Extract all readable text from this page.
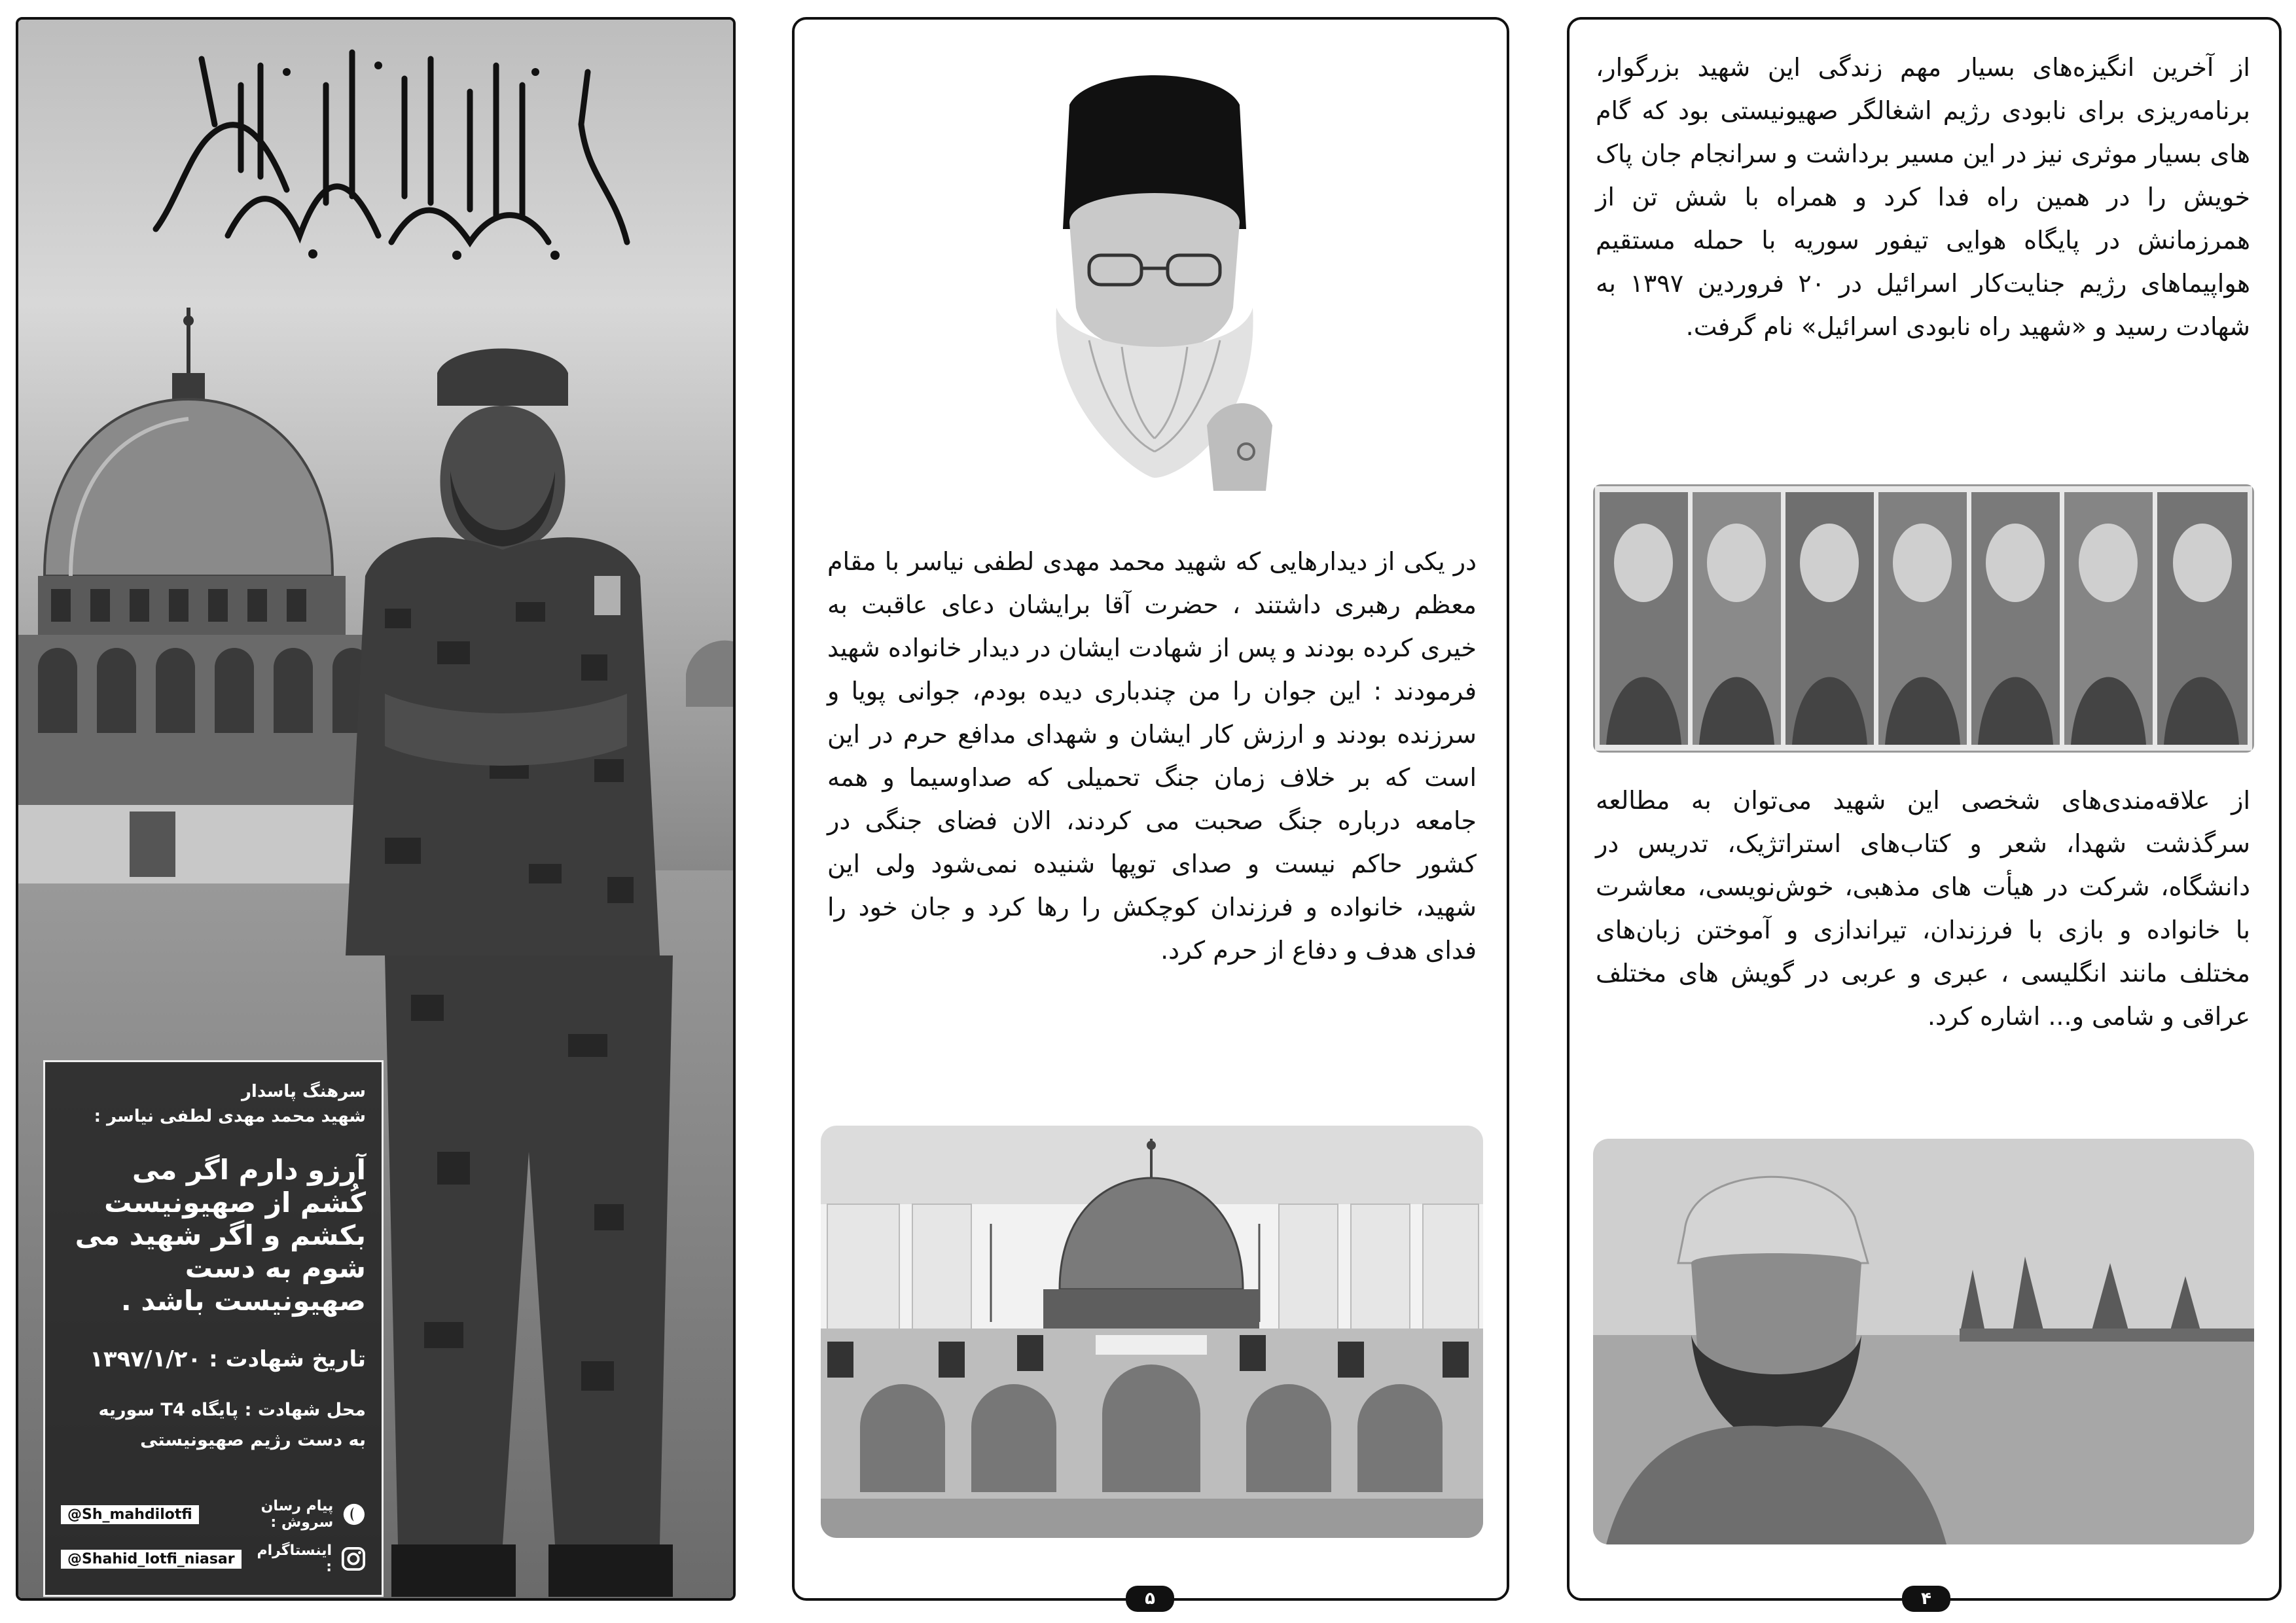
ربِّ الشُّهَدَاءِ وَ الصِّدِّيقِين

سرهنگ پاسدار

شهید محمد مهدی لطفی نیاسر :

آرزو دارم اگر می کُشم از صهیونیست بکشم و اگر شهید می شوم به دست صهیونیست باشد .

تاریخ شهادت : ۱۳۹۷/۱/۲۰

محل شهادت : پایگاه T4 سوریه

به دست رژیم صهیونیستی

پیام رسان سروش :
@Sh_mahdilotfi
اینستاگرام :
@Shahid_lotfi_niasar

در یکی از دیدارهایی که شهید محمد مهدی لطفی نیاسر با مقام معظم رهبری داشتند ، حضرت آقا برایشان دعای عاقبت به خیری کرده بودند و پس از شهادت ایشان در دیدار خانواده شهید فرمودند : این جوان را من چندباری دیده بودم، جوانی پویا و سرزنده بودند و ارزش کار ایشان و شهدای مدافع حرم در این است که بر خلاف زمان جنگ تحمیلی که صداوسیما و همه جامعه درباره جنگ صحبت می کردند، الان فضای جنگی در کشور حاکم نیست و صدای توپها شنیده نمی‌شود ولی این شهید، خانواده و فرزندان کوچکش را رها کرد و جان خود را فدای هدف و دفاع از حرم کرد.

۵

از آخرین انگیزه‌های بسیار مهم زندگی این شهید بزرگوار، برنامه‌ریزی برای نابودی رژیم اشغالگر صهیونیستی بود که گام های بسیار موثری نیز در این مسیر برداشت و سرانجام جان پاک خویش را در همین راه فدا کرد و همراه با شش تن از همرزمانش در پایگاه هوایی تیفور سوریه با حمله مستقیم هواپیماهای رژیم جنایت‌کار اسرائیل در ۲۰ فروردین ۱۳۹۷ به شهادت رسید و «شهید راه نابودی اسرائیل» نام گرفت.

از علاقه‌مندی‌های شخصی این شهید می‌توان به مطالعه سرگذشت شهدا، شعر و کتاب‌های استراتژیک، تدریس در دانشگاه، شرکت در هیأت های مذهبی، خوش‌نویسی، معاشرت با خانواده و بازی با فرزندان، تیراندازی و آموختن زبان‌های مختلف مانند انگلیسی ، عبری و عربی در گویش های مختلف عراقی و شامی و... اشاره کرد.

۴
